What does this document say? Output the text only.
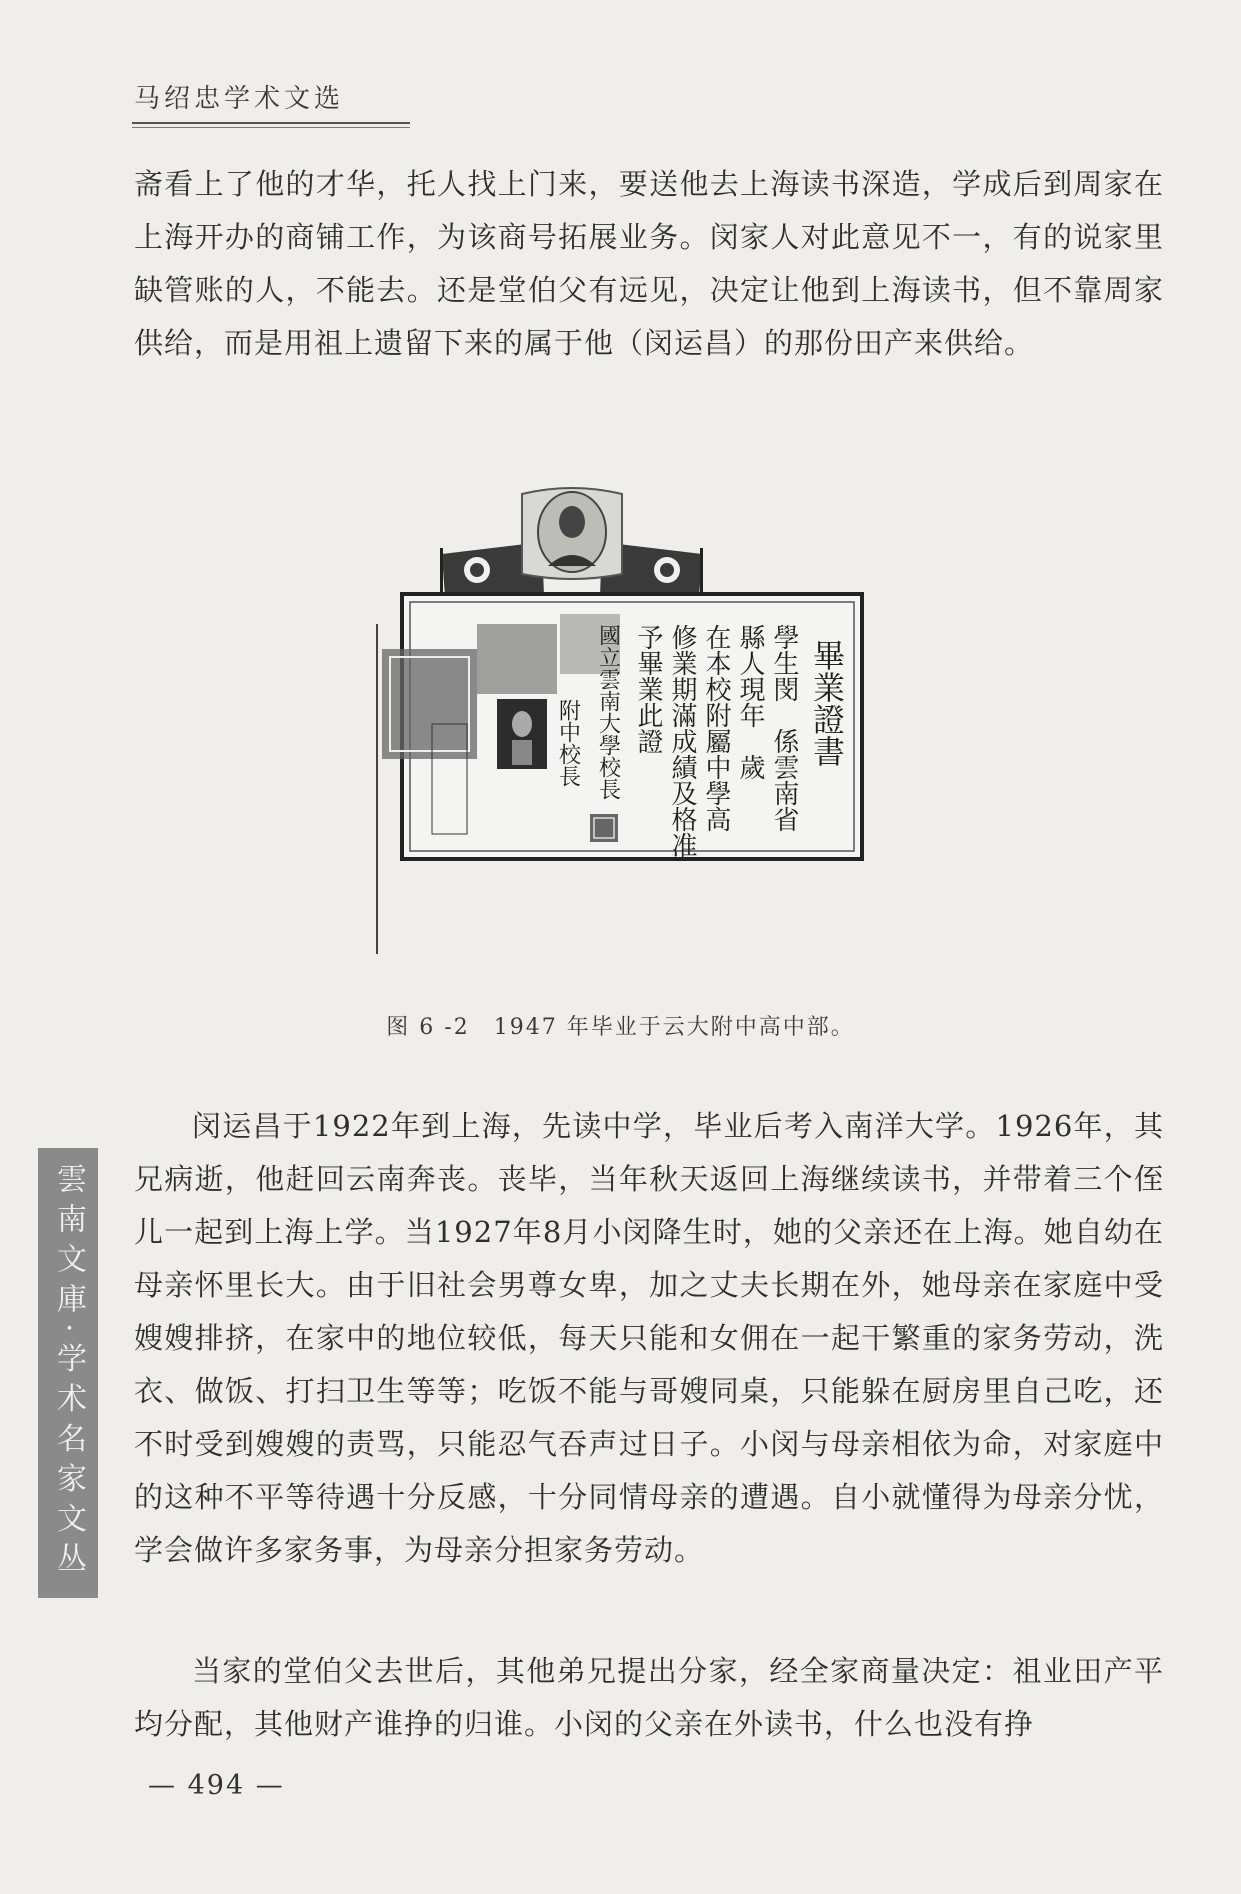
马绍忠学术文选

斋看上了他的才华，托人找上门来，要送他去上海读书深造，学成后到周家在上海开办的商铺工作，为该商号拓展业务。闵家人对此意见不一，有的说家里缺管账的人，不能去。还是堂伯父有远见，决定让他到上海读书，但不靠周家供给，而是用祖上遗留下来的属于他（闵运昌）的那份田产来供给。

畢業證書
學生閔　係雲南省
縣人現年　歲
在本校附屬中學高
修業期滿成績及格准
予畢業此證
國立雲南大學校長
附中校長
图 6 -2　1947 年毕业于云大附中高中部。

闵运昌于1922年到上海，先读中学，毕业后考入南洋大学。1926年，其兄病逝，他赶回云南奔丧。丧毕，当年秋天返回上海继续读书，并带着三个侄儿一起到上海上学。当1927年8月小闵降生时，她的父亲还在上海。她自幼在母亲怀里长大。由于旧社会男尊女卑，加之丈夫长期在外，她母亲在家庭中受嫂嫂排挤，在家中的地位较低，每天只能和女佣在一起干繁重的家务劳动，洗衣、做饭、打扫卫生等等；吃饭不能与哥嫂同桌，只能躲在厨房里自己吃，还不时受到嫂嫂的责骂，只能忍气吞声过日子。小闵与母亲相依为命，对家庭中的这种不平等待遇十分反感，十分同情母亲的遭遇。自小就懂得为母亲分忧，学会做许多家务事，为母亲分担家务劳动。

当家的堂伯父去世后，其他弟兄提出分家，经全家商量决定：祖业田产平均分配，其他财产谁挣的归谁。小闵的父亲在外读书，什么也没有挣

雲南文庫·学术名家文丛
— 494 —
